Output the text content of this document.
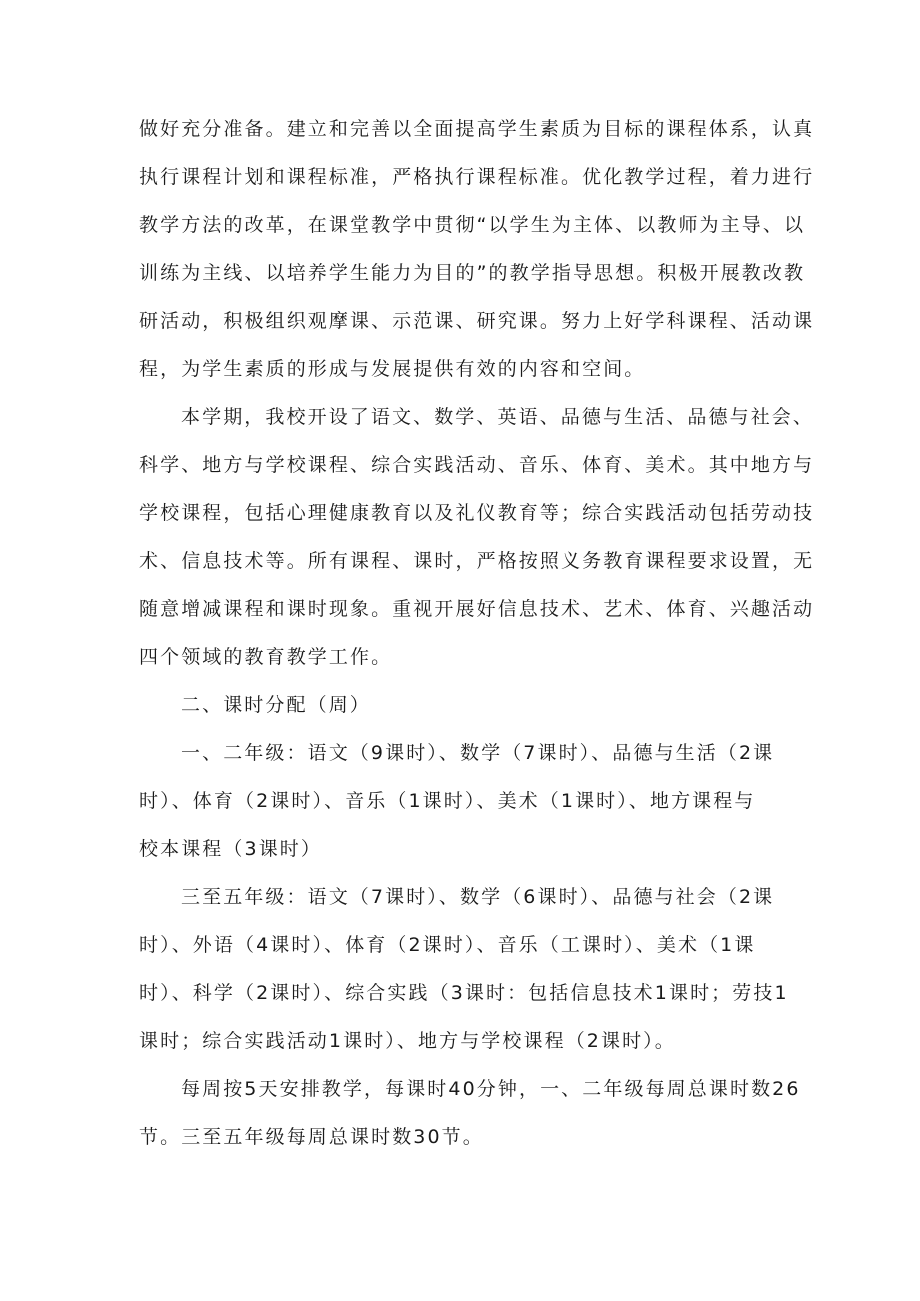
做好充分准备。建立和完善以全面提高学生素质为目标的课程体系，认真

执行课程计划和课程标准，严格执行课程标准。优化教学过程，着力进行

教学方法的改革，在课堂教学中贯彻“以学生为主体、以教师为主导、以

训练为主线、以培养学生能力为目的”的教学指导思想。积极开展教改教

研活动，积极组织观摩课、示范课、研究课。努力上好学科课程、活动课

程，为学生素质的形成与发展提供有效的内容和空间。

本学期，我校开设了语文、数学、英语、品德与生活、品德与社会、

科学、地方与学校课程、综合实践活动、音乐、体育、美术。其中地方与

学校课程，包括心理健康教育以及礼仪教育等；综合实践活动包括劳动技

术、信息技术等。所有课程、课时，严格按照义务教育课程要求设置，无

随意增减课程和课时现象。重视开展好信息技术、艺术、体育、兴趣活动

四个领域的教育教学工作。

二、课时分配（周）

一、二年级：语文（9课时）、数学（7课时）、品德与生活（2课

时）、体育（2课时）、音乐（1课时）、美术（1课时）、地方课程与

校本课程（3课时）

三至五年级：语文（7课时）、数学（6课时）、品德与社会（2课

时）、外语（4课时）、体育（2课时）、音乐（工课时）、美术（1课

时）、科学（2课时）、综合实践（3课时：包括信息技术1课时；劳技1

课时；综合实践活动1课时）、地方与学校课程（2课时）。

每周按5天安排教学，每课时40分钟，一、二年级每周总课时数26

节。三至五年级每周总课时数30节。
